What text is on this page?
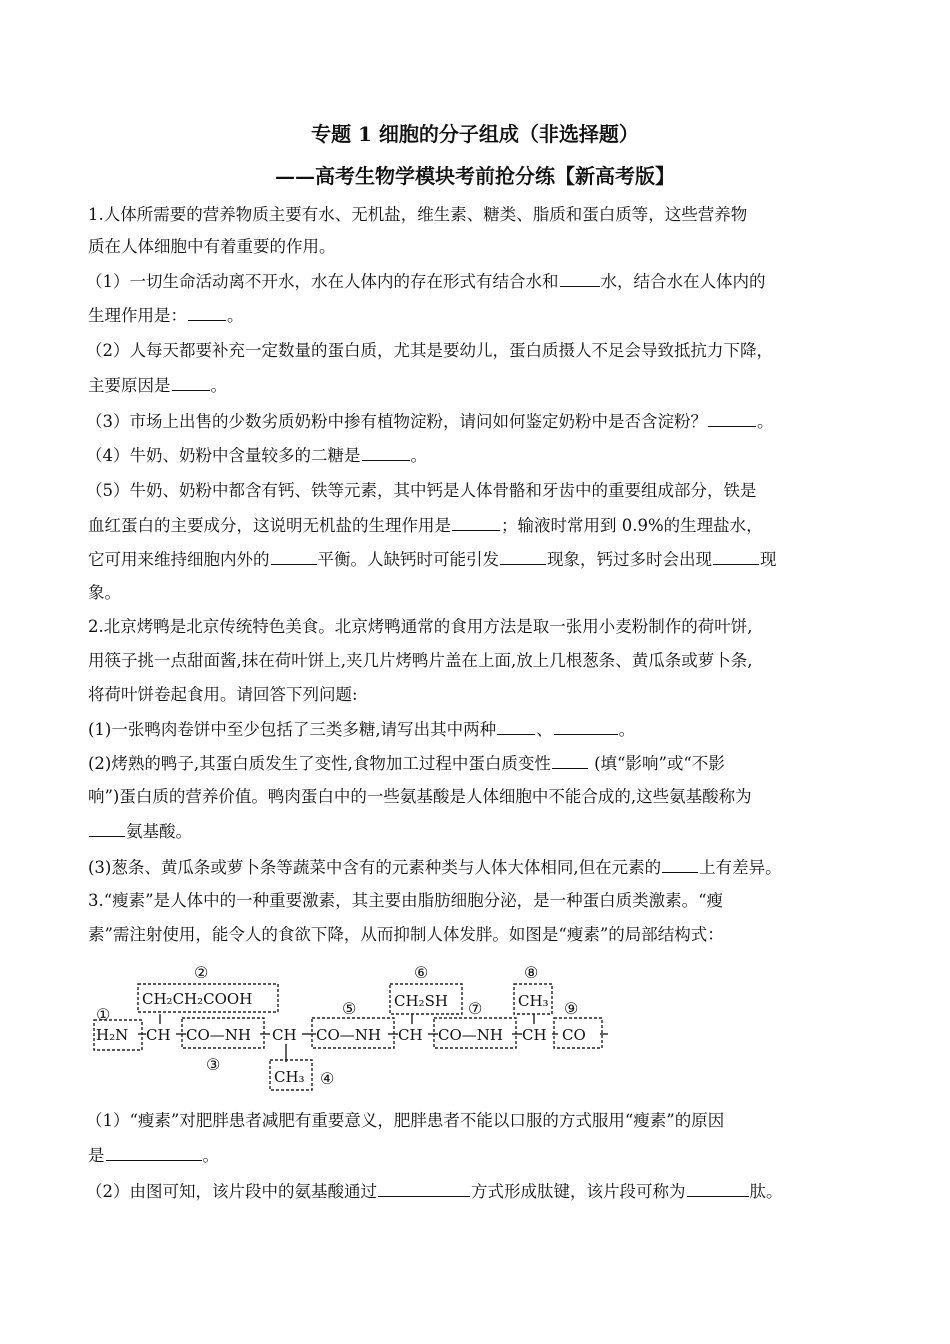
专题 1 细胞的分子组成（非选择题）
——高考生物学模块考前抢分练【新高考版】
1.人体所需要的营养物质主要有水、无机盐，维生素、糖类、脂质和蛋白质等，这些营养物
质在人体细胞中有着重要的作用。
（1）一切生命活动离不开水，水在人体内的存在形式有结合水和	水，结合水在人体内的
生理作用是： 。
（2）人每天都要补充一定数量的蛋白质，尤其是要幼儿，蛋白质摄人不足会导致抵抗力下降，
主要原因是 。
（3）市场上出售的少数劣质奶粉中掺有植物淀粉，请问如何鉴定奶粉中是否含淀粉？	。
（4）牛奶、奶粉中含量较多的二糖是	。
（5）牛奶、奶粉中都含有钙、铁等元素，其中钙是人体骨骼和牙齿中的重要组成部分，铁是
血红蛋白的主要成分，这说明无机盐的生理作用是	；输液时常用到 0.9%的生理盐水，
它可用来维持细胞内外的	平衡。人缺钙时可能引发	现象，钙过多时会出现	现
象。
2.北京烤鸭是北京传统特色美食。北京烤鸭通常的食用方法是取一张用小麦粉制作的荷叶饼,
用筷子挑一点甜面酱,抹在荷叶饼上,夹几片烤鸭片盖在上面,放上几根葱条、黄瓜条或萝卜条,
将荷叶饼卷起食用。请回答下列问题:
(1)一张鸭肉卷饼中至少包括了三类多糖,请写出其中两种 、	。
(2)烤熟的鸭子,其蛋白质发生了变性,食物加工过程中蛋白质变性 (填“影响”或“不影
响”)蛋白质的营养价值。鸭肉蛋白中的一些氨基酸是人体细胞中不能合成的,这些氨基酸称为
氨基酸。
(3)葱条、黄瓜条或萝卜条等蔬菜中含有的元素种类与人体大体相同,但在元素的 上有差异。
3.“瘦素”是人体中的一种重要激素，其主要由脂肪细胞分泌，是一种蛋白质类激素。“瘦
素”需注射使用，能令人的食欲下降，从而抑制人体发胖。如图是“瘦素”的局部结构式：
①
②
③
④
⑤
⑥
⑦
⑧
⑨
H₂N CH CO—NH CH CO—NH CH CO—NH CH CO
CH₂CH₂COOH
CH₃
CH₂SH	CH₃
（1）“瘦素”对肥胖患者减肥有重要意义，肥胖患者不能以口服的方式服用“瘦素”的原因
是	。
（2）由图可知，该片段中的氨基酸通过	方式形成肽键，该片段可称为	肽。
